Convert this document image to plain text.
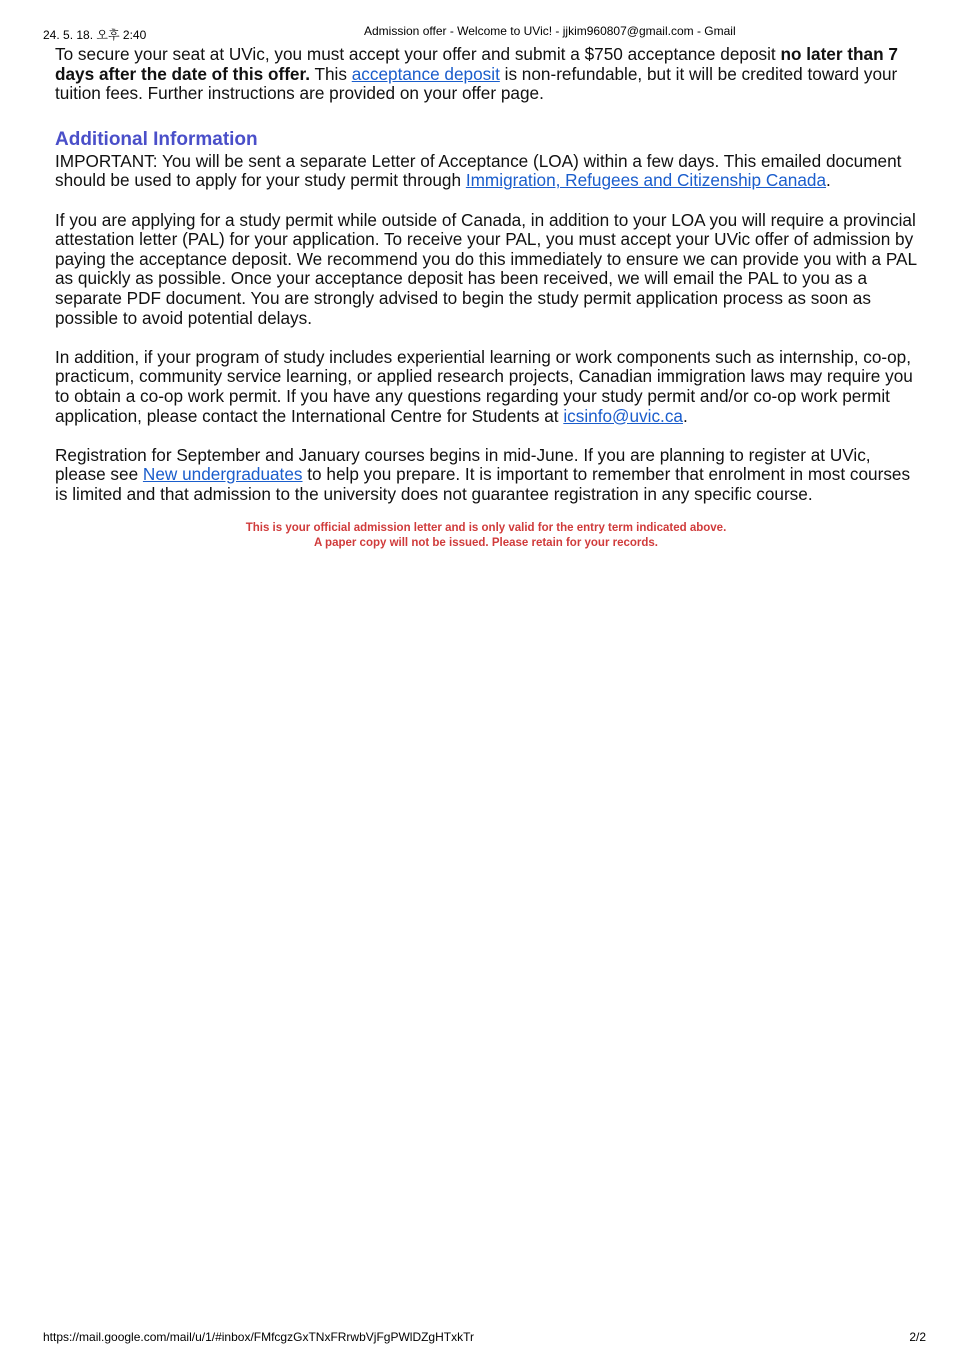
24. 5. 18. 오후 2:40	Admission offer - Welcome to UVic! - jjkim960807@gmail.com - Gmail

To secure your seat at UVic, you must accept your offer and submit a $750 acceptance deposit no later than 7 days after the date of this offer. This acceptance deposit is non-refundable, but it will be credited toward your tuition fees. Further instructions are provided on your offer page.

Additional Information

IMPORTANT: You will be sent a separate Letter of Acceptance (LOA) within a few days. This emailed document should be used to apply for your study permit through Immigration, Refugees and Citizenship Canada.

If you are applying for a study permit while outside of Canada, in addition to your LOA you will require a provincial attestation letter (PAL) for your application. To receive your PAL, you must accept your UVic offer of admission by paying the acceptance deposit. We recommend you do this immediately to ensure we can provide you with a PAL as quickly as possible. Once your acceptance deposit has been received, we will email the PAL to you as a separate PDF document. You are strongly advised to begin the study permit application process as soon as possible to avoid potential delays.

In addition, if your program of study includes experiential learning or work components such as internship, co-op, practicum, community service learning, or applied research projects, Canadian immigration laws may require you to obtain a co-op work permit. If you have any questions regarding your study permit and/or co-op work permit application, please contact the International Centre for Students at icsinfo@uvic.ca.

Registration for September and January courses begins in mid-June. If you are planning to register at UVic, please see New undergraduates to help you prepare. It is important to remember that enrolment in most courses is limited and that admission to the university does not guarantee registration in any specific course.

This is your official admission letter and is only valid for the entry term indicated above.
A paper copy will not be issued. Please retain for your records.
https://mail.google.com/mail/u/1/#inbox/FMfcgzGxTNxFRrwbVjFgPWlDZgHTxkTr	2/2
